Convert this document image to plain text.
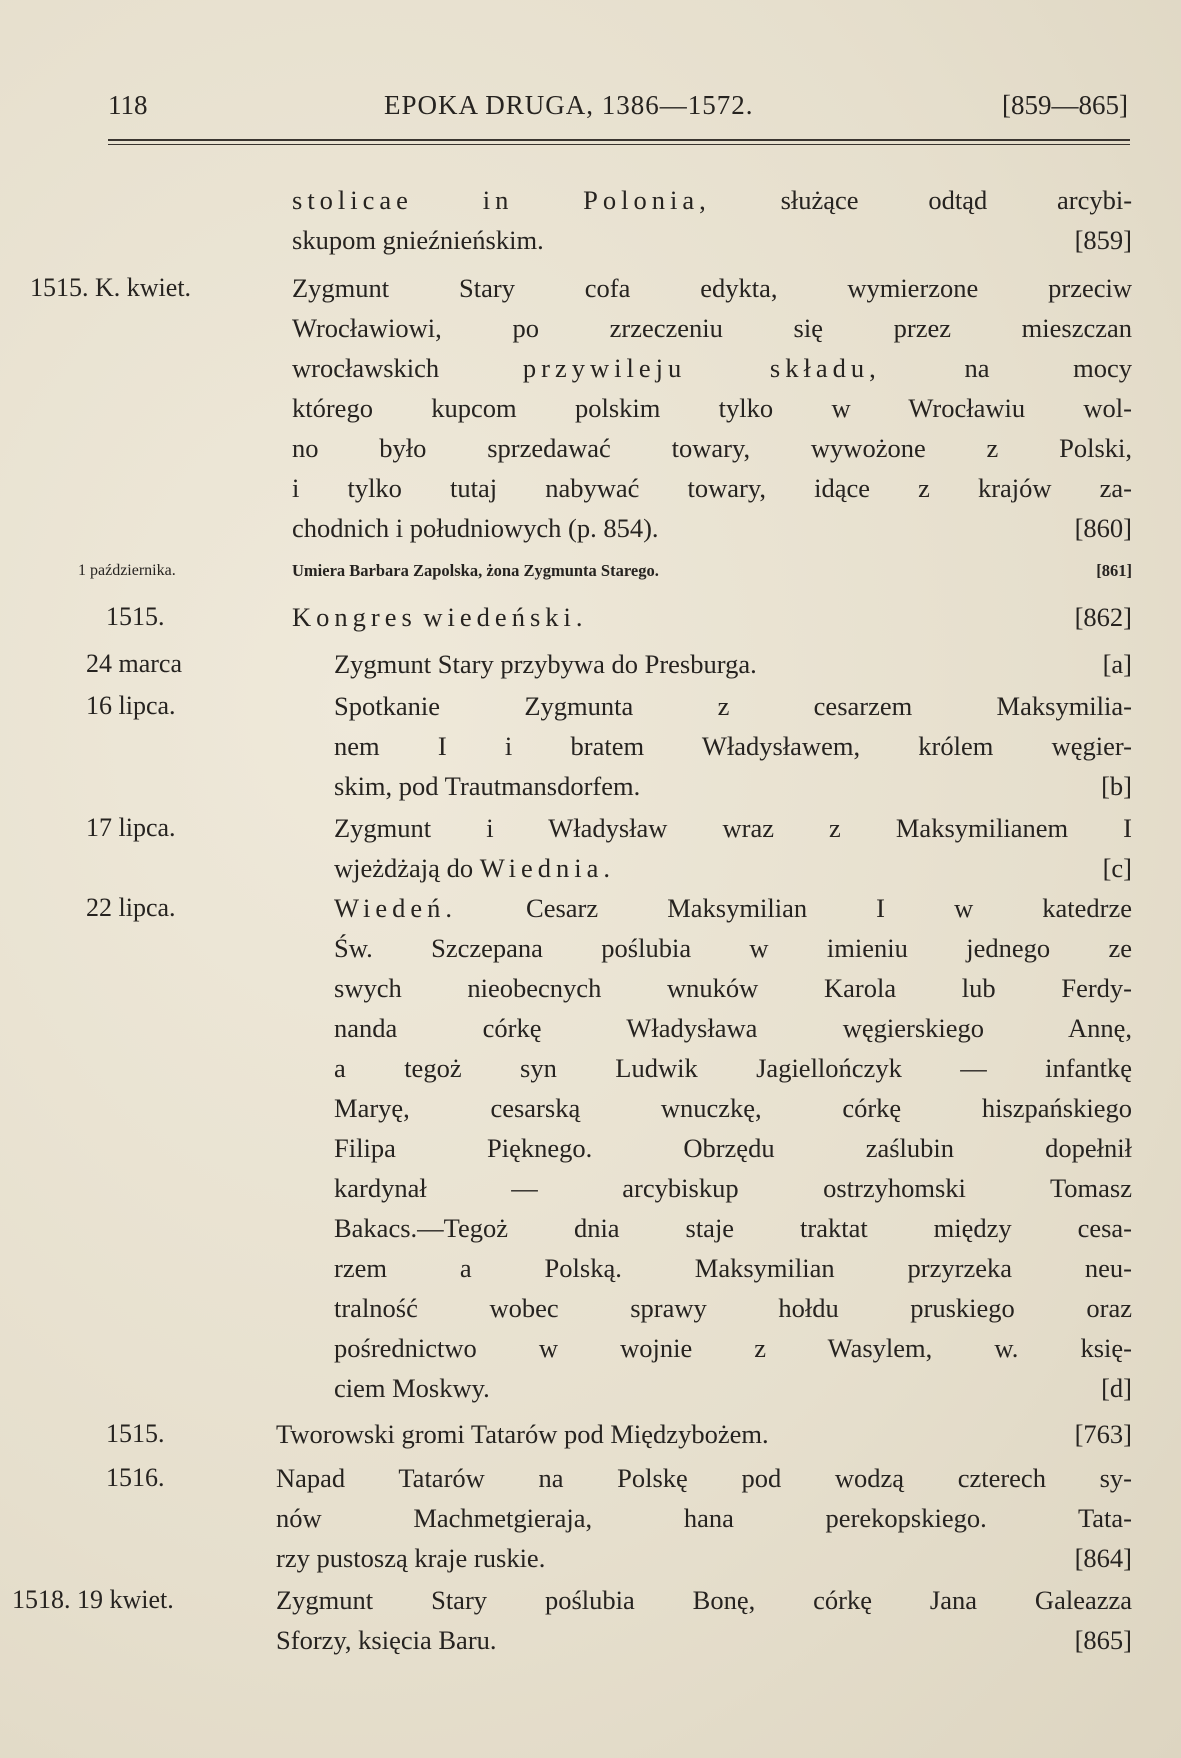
118	EPOKA DRUGA, 1386—1572.	[859—865]
stolicae	in	Polonia,	służące	odtąd	arcybi-
skupom gnieźnieńskim.	[859]
1515. K. kwiet.	Zygmunt Stary cofa edykta, wymierzone przeciw
Wrocławiowi, po zrzeczeniu się przez mieszczan
wrocławskich	przywileju	składu,	na	mocy
którego kupcom polskim tylko w Wrocławiu wol-
no było sprzedawać towary, wywożone z Polski,
i tylko tutaj nabywać towary, idące z krajów za-
chodnich i południowych (p. 854).	[860]
1 października.	Umiera Barbara Zapolska, żona Zygmunta Starego.	[861]
1515.	Kongres wiedeński.	[862]
24 marca	Zygmunt Stary przybywa do Presburga.	[a]
16 lipca.	Spotkanie Zygmunta z cesarzem Maksymilia-
nem I i bratem Władysławem, królem węgier-
skim, pod Trautmansdorfem.	[b]
17 lipca.	Zygmunt i Władysław wraz z Maksymilianem I
wjeżdżają do Wiednia.	[c]
22 lipca.	Wiedeń.	Cesarz	Maksymilian	I	w	katedrze
Św. Szczepana poślubia w imieniu jednego ze
swych nieobecnych wnuków Karola lub Ferdy-
nanda córkę Władysława węgierskiego Annę,
a tegoż syn Ludwik Jagiellończyk — infantkę
Maryę, cesarską wnuczkę, córkę hiszpańskiego
Filipa Pięknego. Obrzędu zaślubin dopełnił
kardynał — arcybiskup ostrzyhomski Tomasz
Bakacs.—Tegoż dnia staje traktat między cesa-
rzem a Polską. Maksymilian przyrzeka neu-
tralność wobec sprawy hołdu pruskiego oraz
pośrednictwo w wojnie z Wasylem, w. księ-
ciem Moskwy.	[d]
1515.	Tworowski gromi Tatarów pod Międzybożem.	[763]
1516.	Napad Tatarów na Polskę pod wodzą czterech sy-
nów Machmetgieraja, hana perekopskiego. Tata-
rzy pustoszą kraje ruskie.	[864]
1518. 19 kwiet.	Zygmunt Stary poślubia Bonę, córkę Jana Galeazza
Sforzy, księcia Baru.	[865]
